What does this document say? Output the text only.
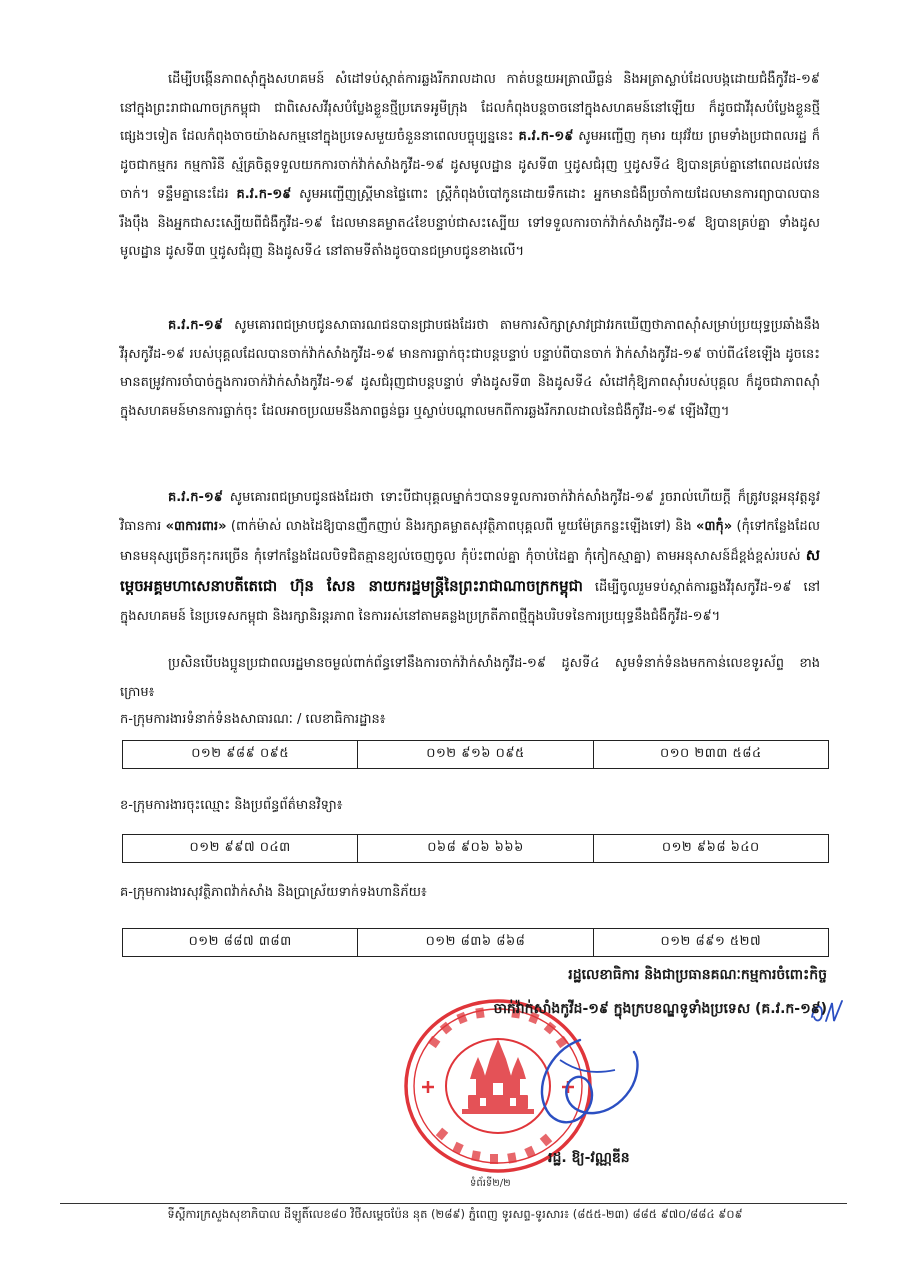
ដើម្បីបង្កើនភាពស៊ាំក្នុងសហគមន៍ សំដៅទប់ស្កាត់ការឆ្លងរីករាលដាល កាត់បន្ថយអត្រាឈឺធ្ងន់ និងអត្រាស្លាប់ដែលបង្កដោយជំងឺកូវីដ-១៩ នៅក្នុងព្រះរាជាណាចក្រកម្ពុជា ជាពិសេសវីរុសបំប្លែងខ្លួនថ្មីប្រភេទអូមីក្រុង ដែលកំពុងបន្តចាចនៅក្នុងសហគមន៍នៅឡើយ ក៏ដូចជាវីរុសបំប្លែងខ្លួនថ្មីផ្សេងៗទៀត ដែលកំពុងចាចយ៉ាងសកម្មនៅក្នុងប្រទេសមួយចំនួននាពេលបច្ចុប្បន្ននេះ គ.វ.ក-១៩ សូមអញ្ជើញ កុមារ យុវវ័យ ព្រមទាំងប្រជាពលរដ្ឋ ក៏ដូចជាកម្មករ កម្មការិនី ស្ម័គ្រចិត្តទទួលយកការចាក់វ៉ាក់សាំងកូវីដ-១៩ ដូសមូលដ្ឋាន ដូសទី៣ ឬដូសជំរុញ ឬដូសទី៤ ឱ្យបានគ្រប់គ្នានៅពេលដល់វេនចាក់។ ទន្ទឹមគ្នានេះដែរ គ.វ.ក-១៩ សូមអញ្ជើញស្ត្រីមានផ្ទៃពោះ ស្ត្រីកំពុងបំបៅកូនដោយទឹកដោះ អ្នកមានជំងឺប្រចាំកាយដែលមានការព្យាបាលបានរឹងប៉ឹង និងអ្នកជាសះស្បើយពីជំងឺកូវីដ-១៩ ដែលមានគម្លាត៤ខែបន្ទាប់ជាសះស្បើយ ទៅទទួលការចាក់វ៉ាក់សាំងកូវីដ-១៩ ឱ្យបានគ្រប់គ្នា ទាំងដូសមូលដ្ឋាន ដូសទី៣ ឬដូសជំរុញ និងដូសទី៤ នៅតាមទីតាំងដូចបានជម្រាបជូនខាងលើ។

គ.វ.ក-១៩ សូមគោរពជម្រាបជូនសាធារណជនបានជ្រាបផងដែរថា តាមការសិក្សាស្រាវជ្រាវរកឃើញថាភាពស៊ាំសម្រាប់ប្រយុទ្ធប្រឆាំងនឹងវីរុសកូវីដ-១៩ របស់បុគ្គលដែលបានចាក់វ៉ាក់សាំងកូវីដ-១៩ មានការធ្លាក់ចុះជាបន្តបន្ទាប់ បន្ទាប់ពីបានចាក់ វ៉ាក់សាំងកូវីដ-១៩ ចាប់ពី៤ខែឡើង ដូចនេះ មានតម្រូវការចាំបាច់ក្នុងការចាក់វ៉ាក់សាំងកូវីដ-១៩ ដូសជំរុញជាបន្តបន្ទាប់ ទាំងដូសទី៣ និងដូសទី៤ សំដៅកុំឱ្យភាពស៊ាំរបស់បុគ្គល ក៏ដូចជាភាពស៊ាំក្នុងសហគមន៍មានការធ្លាក់ចុះ ដែលអាចប្រឈមនឹងភាពធ្ងន់ធ្ងរ ឬស្លាប់បណ្តាលមកពីការឆ្លងរីករាលដាលនៃជំងឺកូវីដ-១៩ ឡើងវិញ។

គ.វ.ក-១៩ សូមគោរពជម្រាបជូនផងដែរថា ទោះបីជាបុគ្គលម្នាក់ៗបានទទួលការចាក់វ៉ាក់សាំងកូវីដ-១៩ រួចរាល់ហើយក្តី ក៏ត្រូវបន្តអនុវត្តនូវវិធានការ «៣ការពារ» (ពាក់ម៉ាស់ លាងដៃឱ្យបានញឹកញាប់ និងរក្សាគម្លាតសុវត្ថិភាពបុគ្គលពី មួយម៉ែត្រកន្លះឡើងទៅ) និង «៣កុំ» (កុំទៅកន្លែងដែលមានមនុស្សច្រើនកុះករច្រើន កុំទៅកន្លែងដែលបិទជិតគ្មានខ្យល់ចេញចូល កុំប៉ះពាល់គ្នា កុំចាប់ដៃគ្នា កុំកៀកស្មាគ្នា) តាមអនុសាសន៍ដ៏ខ្ពង់ខ្ពស់របស់ សម្តេចអគ្គមហាសេនាបតីតេជោ ហ៊ុន សែន នាយករដ្ឋមន្ត្រីនៃព្រះរាជាណាចក្រកម្ពុជា ដើម្បីចូលរួមទប់ស្កាត់ការឆ្លងវីរុសកូវីដ-១៩ នៅក្នុងសហគមន៍ នៃប្រទេសកម្ពុជា និងរក្សានិរន្តរភាព នៃការរស់នៅតាមគន្លងប្រក្រតីភាពថ្មីក្នុងបរិបទនៃការប្រយុទ្ធនឹងជំងឺកូវីដ-១៩។

ប្រសិនបើបងប្អូនប្រជាពលរដ្ឋមានចម្ងល់ពាក់ព័ន្ធទៅនឹងការចាក់វ៉ាក់សាំងកូវីដ-១៩ ដូសទី៤ សូមទំនាក់ទំនងមកកាន់លេខទូរស័ព្ទ ខាងក្រោម៖

ក-ក្រុមការងារទំនាក់ទំនងសាធារណៈ / លេខាធិការដ្ឋាន៖
០១២ ៩៨៩ ០៩៥	០១២ ៩១៦ ០៩៥	០១០ ២៣៣ ៥៨៤
ខ-ក្រុមការងារចុះឈ្មោះ និងប្រព័ន្ធព័ត៌មានវិទ្យា៖
០១២ ៩៩៧ ០៤៣	០៦៨ ៩០៦ ៦៦៦	០១២ ៩៦៨ ៦៤០
គ-ក្រុមការងារសុវត្ថិភាពវ៉ាក់សាំង និងប្រាស្រ័យទាក់ទងហានិភ័យ៖
០១២ ៨៨៧ ៣៨៣	០១២ ៨៣៦ ៨៦៨	០១២ ៨៩១ ៥២៧
រដ្ឋលេខាធិការ និងជាប្រធានគណៈកម្មការចំពោះកិច្ច
ចាក់វ៉ាក់សាំងកូវីដ-១៩ ក្នុងក្របខណ្ឌទូទាំងប្រទេស (គ.វ.ក-១៩)
រដ្ឋ. ឱ្យ-វណ្ណឌីន
ទំព័រទី២/២
ទីស្តីការក្រសួងសុខាភិបាល ដីឡូតិ៍លេខ៨០ វិថីសម្តេចប៉ែន នុត (២៨៩) ភ្នំពេញ ទូរសព្ទ-ទូរសារ៖ (៨៥៥-២៣) ៨៨៥ ៩៧០/៨៨៤ ៩០៩
